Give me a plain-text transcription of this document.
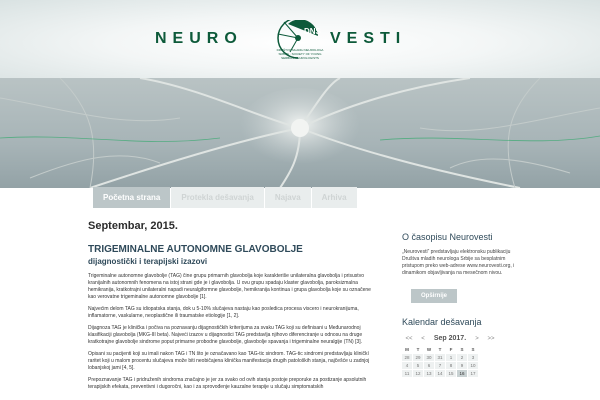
NEURO	DNS
DRUŠTVO MLADIH NEUROLOGA SRBIJE · SOCIETY OF YOUNG SERBIAN NEUROLOGISTS
VESTI
Početna strana	Protekla dešavanja	Najava	Arhiva
Septembar, 2015.
TRIGEMINALNE AUTONOMNE GLAVOBOLJE
dijagnostički i terapijski izazovi

Trigeminalne autonomne glavobolje (TAG) čine grupu primarnih glavobolja koje karakteriše unilateralna glavobolja i prisustvo kranijalnih autonomnih fenomena na istoj strani gde je i glavobolja. U ovu grupu spadaju klaster glavobolja, paroksizmalna hemikranija, kratkotrajni unilateralni napadi neuralgiformne glavobolje, hemikranija kontinua i grupa glavobolja koje su označene kao verovatne trigeminalne autonomne glavobolje [1].

Najvećim delom TAG su idiopatska stanja, dok u 5-10% slučajeva nastaju kao posledica procesa viscero i neurokranijuma, inflamatorne, vaskularne, neoplastične ili traumatske etiologije [1, 2].

Dijagnoza TAG je klinička i počiva na poznavanju dijagnostičkih kriterijuma za svaku TAG koji su definisani u Međunarodnoj klasifikaciji glavobolja (MKG-III beta). Najveći izazov u dijagnostici TAG predstavlja njihovo diferenciranje u odnosu na druge kratkotrajne glavobolje sindrome poput primarne probodne glavobolje, glavobolje spavanja i trigeminalne neuralgije (TN) [3].

Opisani su pacijenti koji su imali nakon TAG i TN što je označavano kao TAG-tic sindrom. TAG-tic sindromi predstavljaju kliničkí raritet koji u malom procentu slučajeva može biti neobičajena klinička manifestacija drugih patoloških stanja, najčešće u zadnjoj lobanjskoj jami [4, 5].

Prepoznavanje TAG i pridruženih sindroma značajno je jer za svako od ovih stanja postoje preporuke za postizanje apsolutnih terapijskih efekata, preventivni i dugoročni, kao i za sprovođenje kauzalne terapije u slučaju simptomatskih

O časopisu Neurovesti
„Neurovesti“ predstavljaju elektronsku publikaciju Društva mladih neurologa Srbije sa besplatnim pristupom preko web-adrese www.neurovesti.org, i dinamikom objavljivanja na mesečnom nivou.
Opširnije
Kalendar dešavanja
<<	<	Sep 2017.	>	>>
M	T	W	T	F	S	S
28	29	30	31	1	2	3
4	5	6	7	8	9	10
11	12	13	14	15	16	17
